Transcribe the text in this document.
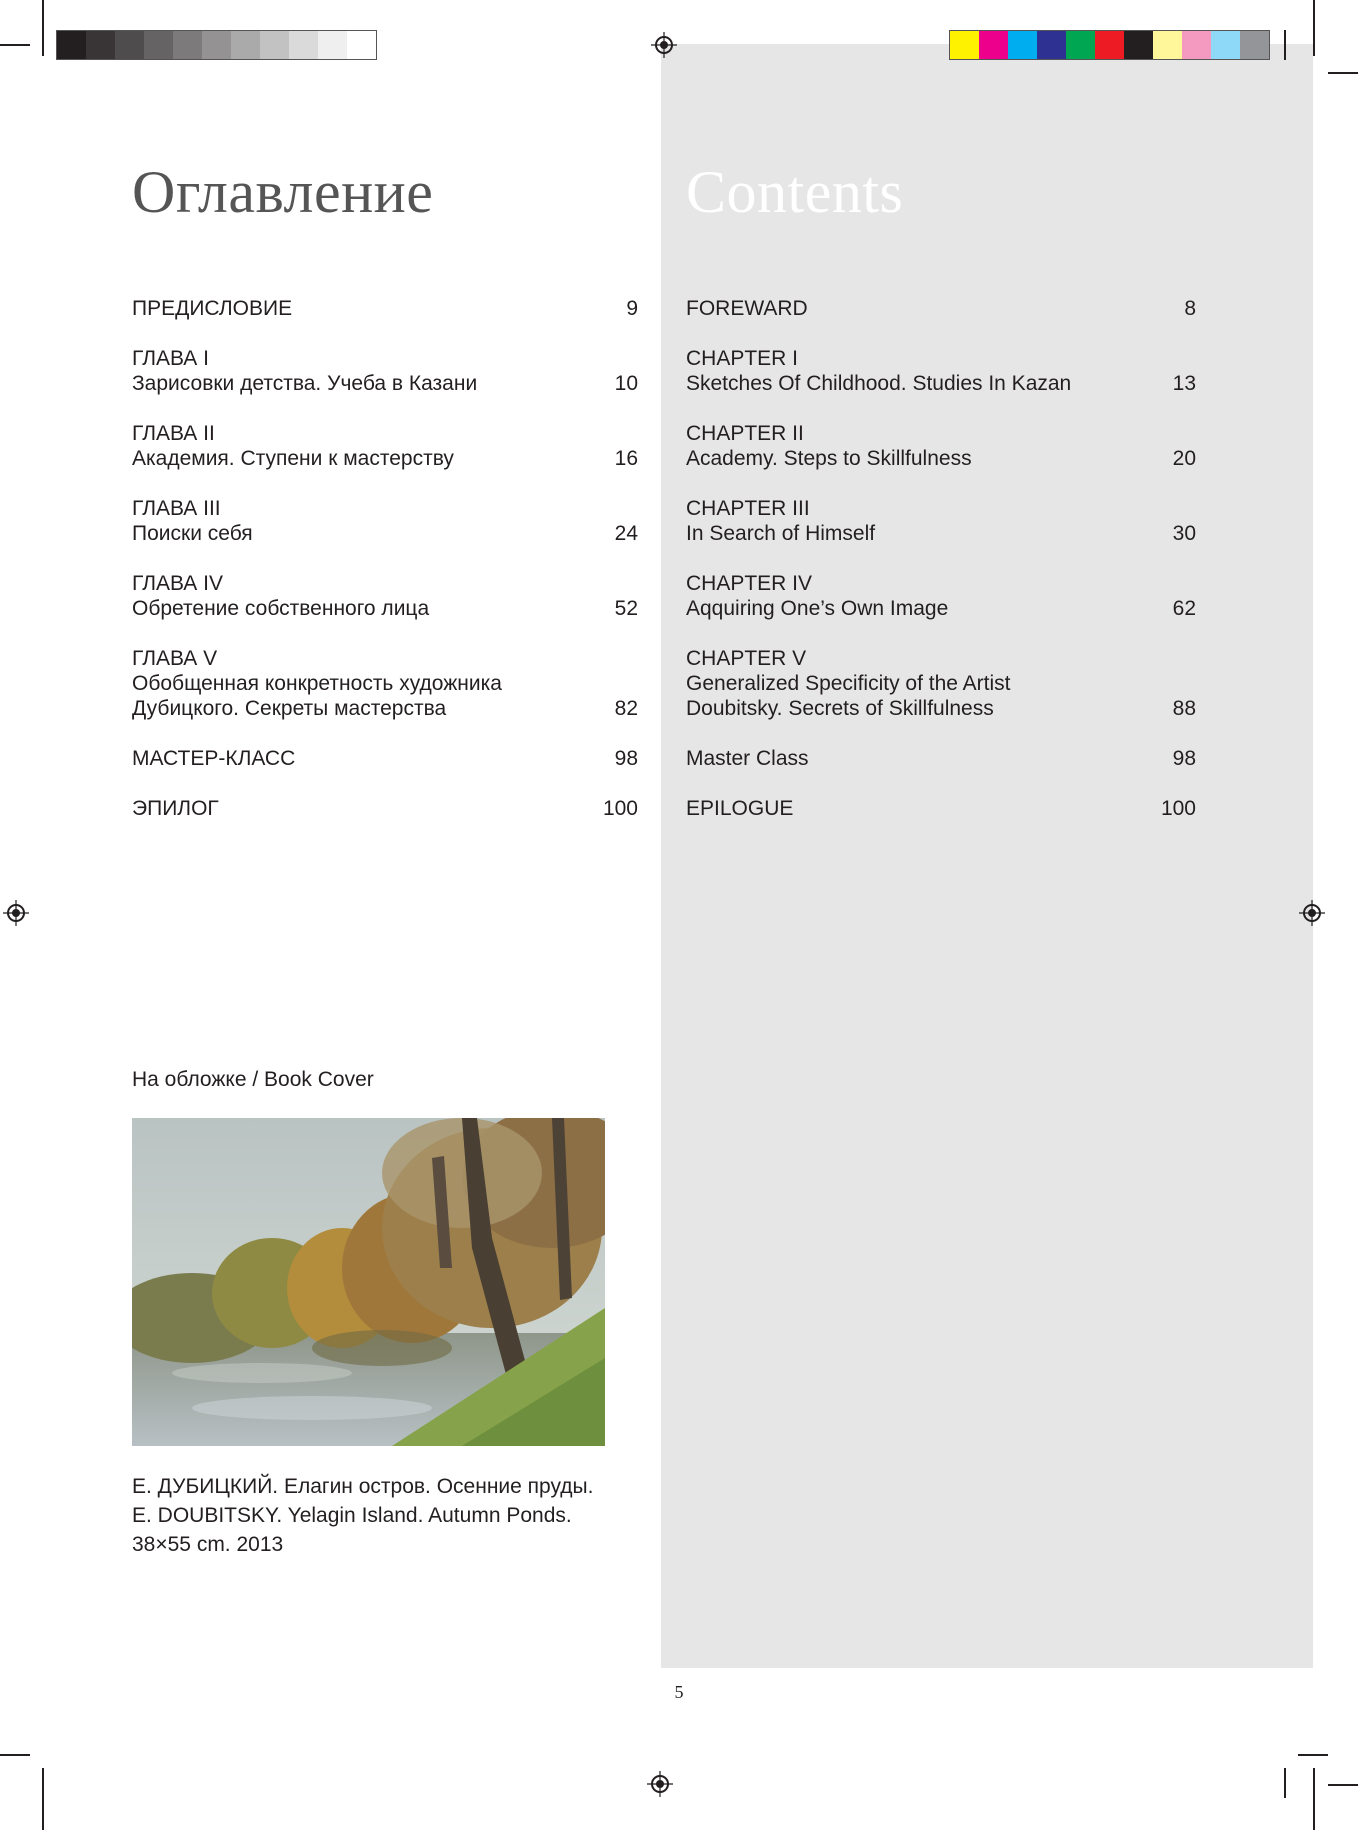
Оглавление	Contents
ПРЕДИСЛОВИЕ	9
ГЛАВА I
Зарисовки детства. Учеба в Казани	10
ГЛАВА II
Академия. Ступени к мастерству	16
ГЛАВА III
Поиски себя	24
ГЛАВА IV
Обретение собственного лица	52
ГЛАВА V
Обобщенная конкретность художника
Дубицкого. Секреты мастерства	82
МАСТЕР-КЛАСС	98
ЭПИЛОГ	100
FOREWARD	8
CHAPTER I
Sketches Of Childhood. Studies In Kazan	13
CHAPTER II
Academy. Steps to Skillfulness	20
CHAPTER III
In Search of Himself	30
CHAPTER IV
Aqquiring One’s Own Image	62
CHAPTER V
Generalized Specificity of the Artist
Doubitsky. Secrets of Skillfulness	88
Master Class	98
EPILOGUE	100
На обложке / Book Cover
Е. ДУБИЦКИЙ. Елагин остров. Осенние пруды.
E. DOUBITSKY. Yelagin Island. Autumn Ponds.
38×55 cm. 2013
5
